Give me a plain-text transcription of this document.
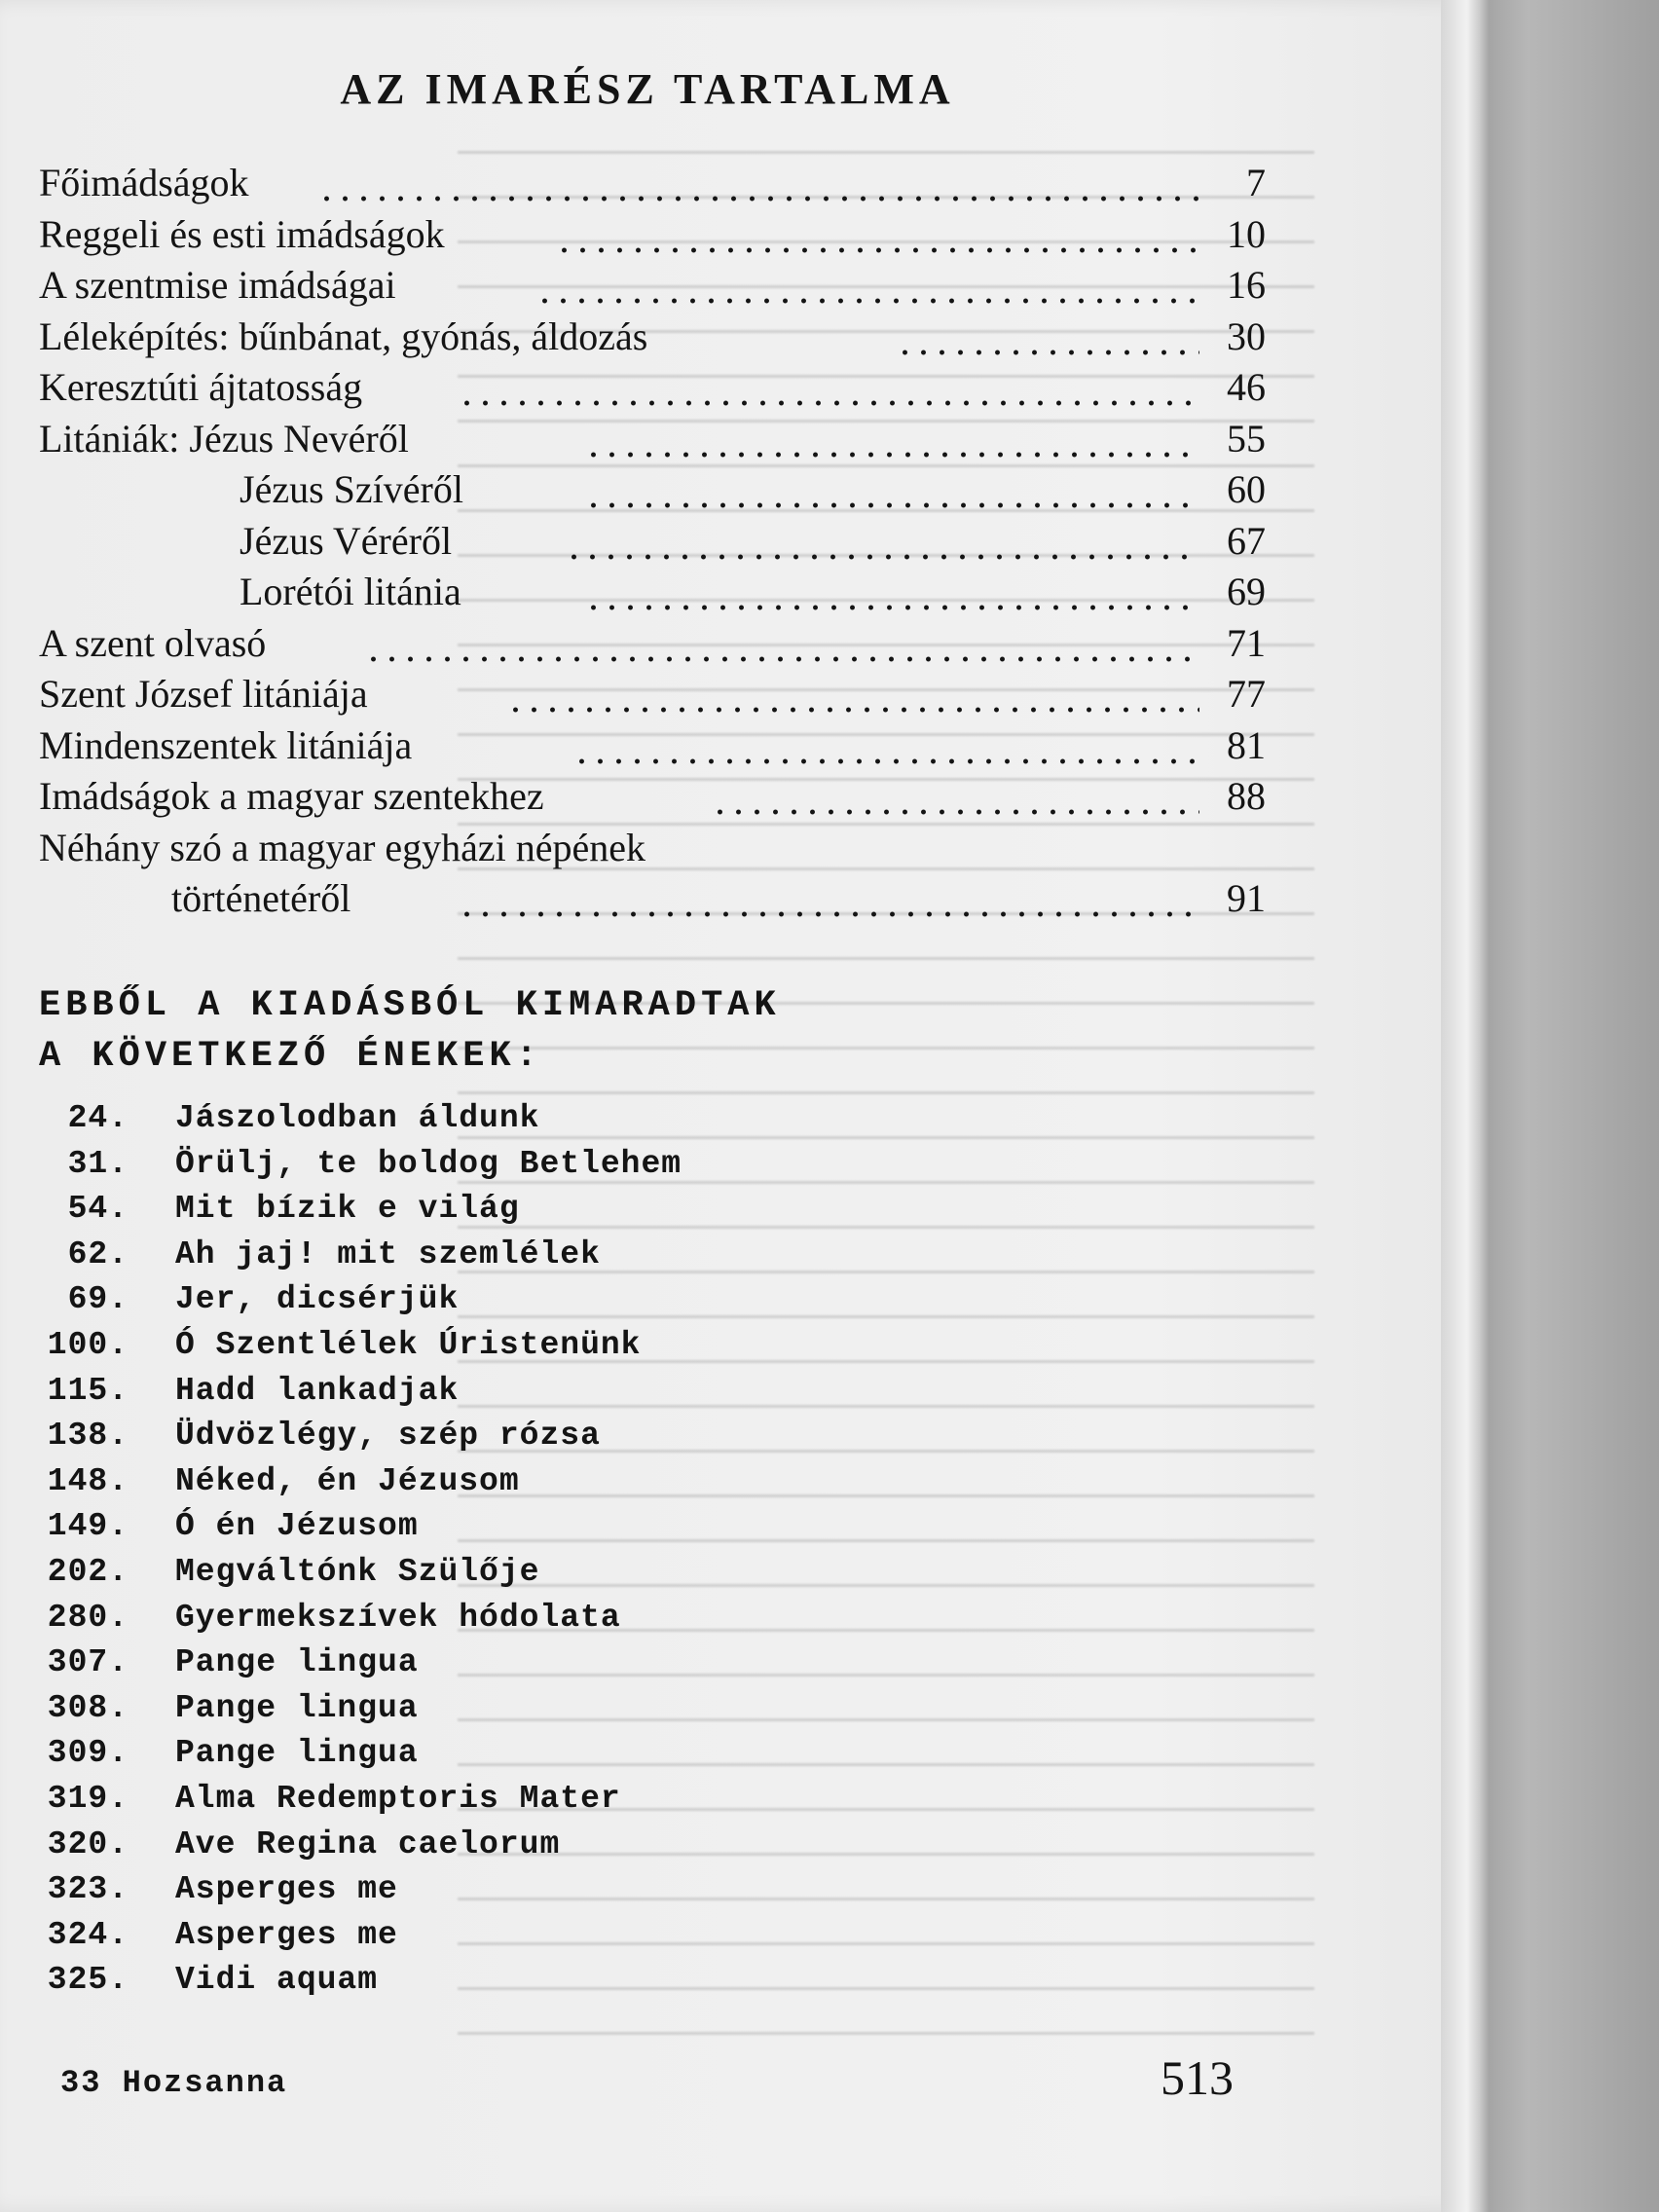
AZ IMARÉSZ TARTALMA
Főimádságok	7
Reggeli és esti imádságok	10
A szentmise imádságai	16
Léleképítés: bűnbánat, gyónás, áldozás	30
Keresztúti ájtatosság	46
Litániák: Jézus Nevéről	55
Jézus Szívéről	60
Jézus Véréről	67
Lorétói litánia	69
A szent olvasó	71
Szent József litániája	77
Mindenszentek litániája	81
Imádságok a magyar szentekhez	88
Néhány szó a magyar egyházi népének
történetéről	91
EBBŐL A KIADÁSBÓL KIMARADTAK
A KÖVETKEZŐ ÉNEKEK:
24. Jászolodban áldunk
31. Örülj, te boldog Betlehem
54. Mit bízik e világ
62. Ah jaj! mit szemlélek
69. Jer, dicsérjük
100. Ó Szentlélek Úristenünk
115. Hadd lankadjak
138. Üdvözlégy, szép rózsa
148. Néked, én Jézusom
149. Ó én Jézusom
202. Megváltónk Szülője
280. Gyermekszívek hódolata
307. Pange lingua
308. Pange lingua
309. Pange lingua
319. Alma Redemptoris Mater
320. Ave Regina caelorum
323. Asperges me
324. Asperges me
325. Vidi aquam
33 Hozsanna	513
